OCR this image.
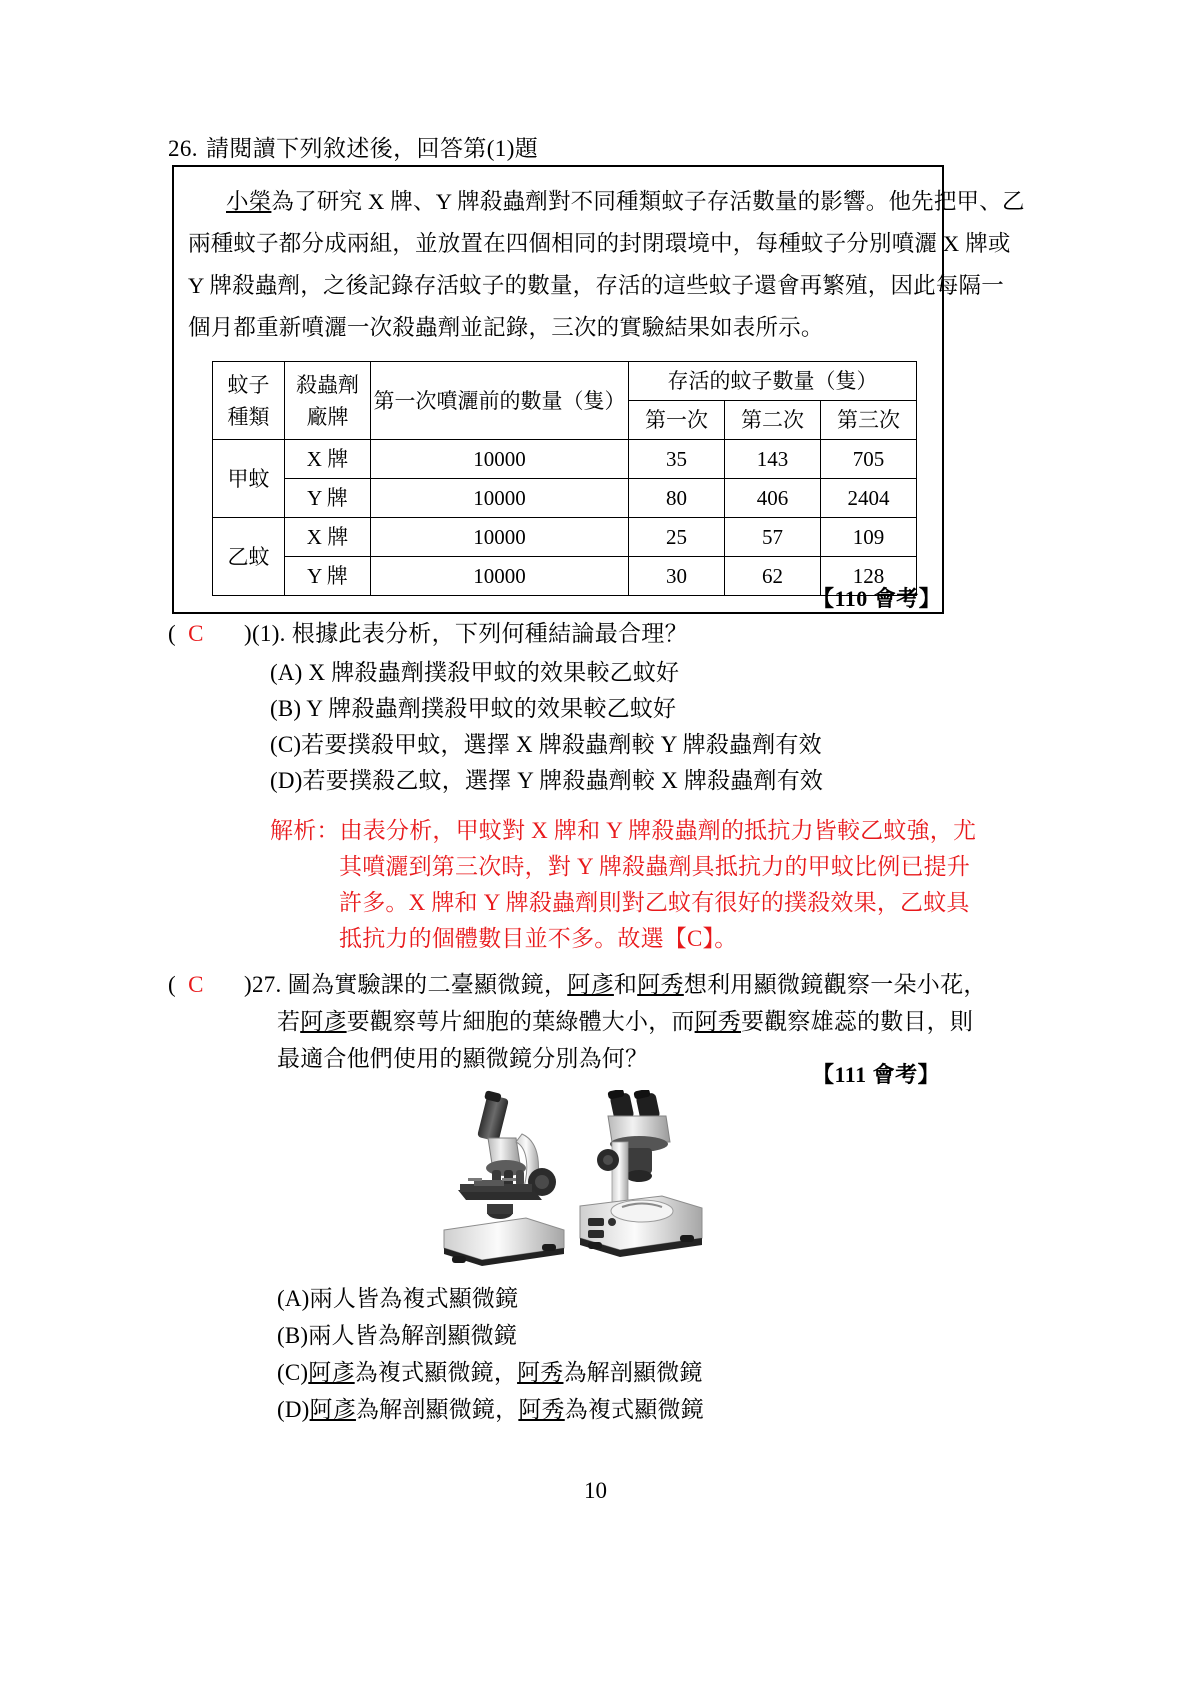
26. 請閱讀下列敘述後，回答第(1)題
小榮為了研究 X 牌、Y 牌殺蟲劑對不同種類蚊子存活數量的影響。他先把甲、乙
兩種蚊子都分成兩組，並放置在四個相同的封閉環境中，每種蚊子分別噴灑 X 牌或
Y 牌殺蟲劑，之後記錄存活蚊子的數量，存活的這些蚊子還會再繁殖，因此每隔一
個月都重新噴灑一次殺蟲劑並記錄，三次的實驗結果如表所示。
蚊子
種類

殺蟲劑
廠牌
	第一次噴灑前的數量（隻）	存活的蚊子數量（隻）
			第一次	第二次	第三次
甲蚊	X 牌	10000	35	143	705
	Y 牌	10000	80	406	2404
乙蚊	X 牌	10000	25	57	109
	Y 牌	10000	30	62	128
【110 會考】
( C )(1). 根據此表分析，下列何種結論最合理？
(A) X 牌殺蟲劑撲殺甲蚊的效果較乙蚊好
(B) Y 牌殺蟲劑撲殺甲蚊的效果較乙蚊好
(C)若要撲殺甲蚊，選擇 X 牌殺蟲劑較 Y 牌殺蟲劑有效
(D)若要撲殺乙蚊，選擇 Y 牌殺蟲劑較 X 牌殺蟲劑有效
解析：由表分析，甲蚊對 X 牌和 Y 牌殺蟲劑的抵抗力皆較乙蚊強，尤
其噴灑到第三次時，對 Y 牌殺蟲劑具抵抗力的甲蚊比例已提升
許多。X 牌和 Y 牌殺蟲劑則對乙蚊有很好的撲殺效果，乙蚊具
抵抗力的個體數目並不多。故選【C】。
( C )27. 圖為實驗課的二臺顯微鏡，阿彥和阿秀想利用顯微鏡觀察一朵小花，
若阿彥要觀察萼片細胞的葉綠體大小，而阿秀要觀察雄蕊的數目，則
最適合他們使用的顯微鏡分別為何？
【111 會考】
(A)兩人皆為複式顯微鏡
(B)兩人皆為解剖顯微鏡
(C)阿彥為複式顯微鏡，阿秀為解剖顯微鏡
(D)阿彥為解剖顯微鏡，阿秀為複式顯微鏡
10
